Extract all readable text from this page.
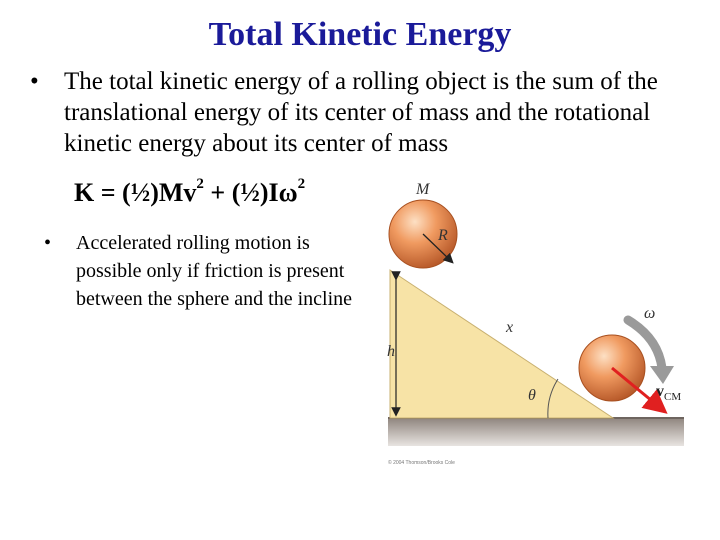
Total Kinetic Energy
• The total kinetic energy of a rolling object is the sum of the translational energy of its center of mass and the rotational kinetic energy about its center of mass
$K = (\frac{1}{2})Mv^2$ + $(\frac{1}{2})I\omega^2$
• Accelerated rolling motion is possible only if friction is present between the sphere and the incline
h
x
θ
M
R
ω
$v_{CM}$
© 2004 Thomson/Brooks Cole
